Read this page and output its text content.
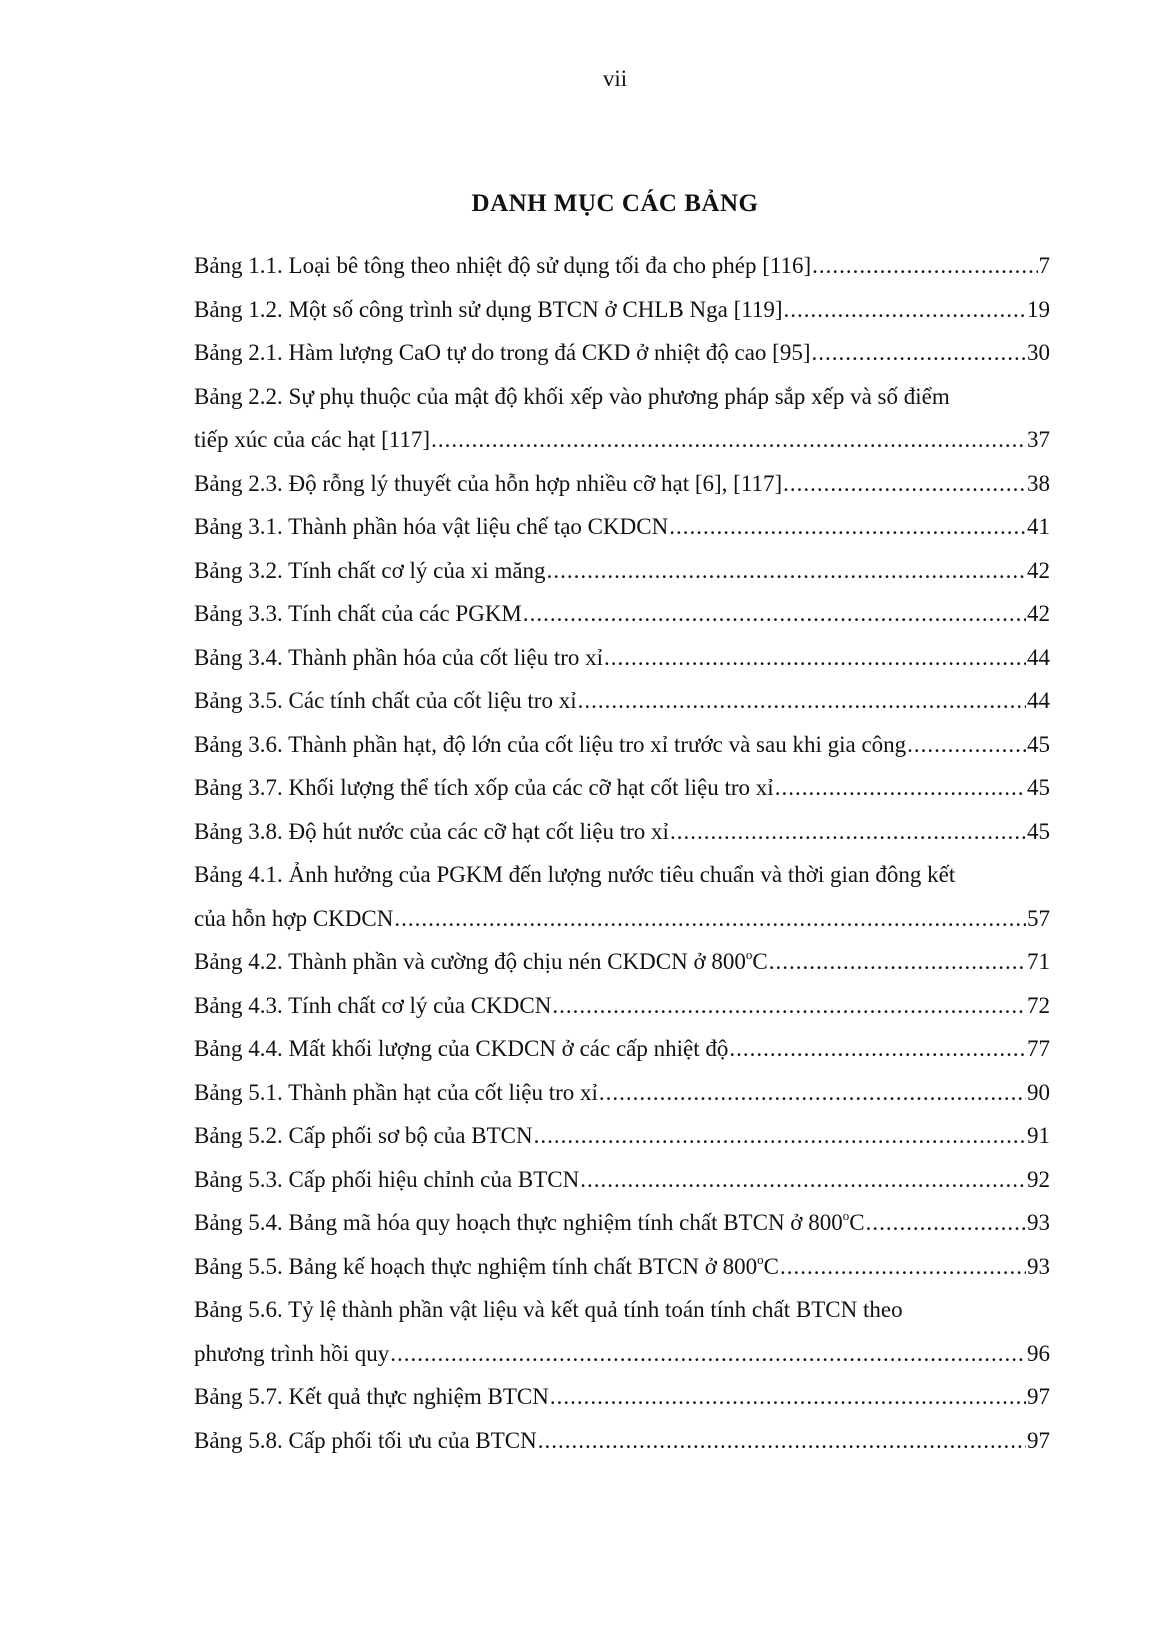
vii
DANH MỤC CÁC BẢNG
Bảng 1.1. Loại bê tông theo nhiệt độ sử dụng tối đa cho phép [116] .....	7
Bảng 1.2. Một số công trình sử dụng BTCN ở CHLB Nga [119] .....	19
Bảng 2.1. Hàm lượng CaO tự do trong đá CKD ở nhiệt độ cao [95] .....	30
Bảng 2.2. Sự phụ thuộc của mật độ khối xếp vào phương pháp sắp xếp và số điểm
tiếp xúc của các hạt [117] .....	37
Bảng 2.3. Độ rỗng lý thuyết của hỗn hợp nhiều cỡ hạt [6], [117] .....	38
Bảng 3.1. Thành phần hóa vật liệu chế tạo CKDCN .....	41
Bảng 3.2. Tính chất cơ lý của xi măng .....	42
Bảng 3.3. Tính chất của các PGKM .....	42
Bảng 3.4. Thành phần hóa của cốt liệu tro xỉ .....	44
Bảng 3.5. Các tính chất của cốt liệu tro xỉ .....	44
Bảng 3.6. Thành phần hạt, độ lớn của cốt liệu tro xỉ trước và sau khi gia công .....	45
Bảng 3.7. Khối lượng thể tích xốp của các cỡ hạt cốt liệu tro xỉ .....	45
Bảng 3.8. Độ hút nước của các cỡ hạt cốt liệu tro xỉ .....	45
Bảng 4.1. Ảnh hưởng của PGKM đến lượng nước tiêu chuẩn và thời gian đông kết
của hỗn hợp CKDCN .....	57
Bảng 4.2. Thành phần và cường độ chịu nén CKDCN ở 800$^o$C .....	71
Bảng 4.3. Tính chất cơ lý của CKDCN .....	72
Bảng 4.4. Mất khối lượng của CKDCN ở các cấp nhiệt độ .....	77
Bảng 5.1. Thành phần hạt của cốt liệu tro xỉ .....	90
Bảng 5.2. Cấp phối sơ bộ của BTCN .....	91
Bảng 5.3. Cấp phối hiệu chỉnh của BTCN .....	92
Bảng 5.4. Bảng mã hóa quy hoạch thực nghiệm tính chất BTCN ở 800$^o$C .....	93
Bảng 5.5. Bảng kế hoạch thực nghiệm tính chất BTCN ở 800$^o$C .....	93
Bảng 5.6. Tỷ lệ thành phần vật liệu và kết quả tính toán tính chất BTCN theo
phương trình hồi quy .....	96
Bảng 5.7. Kết quả thực nghiệm BTCN .....	97
Bảng 5.8. Cấp phối tối ưu của BTCN .....	97
